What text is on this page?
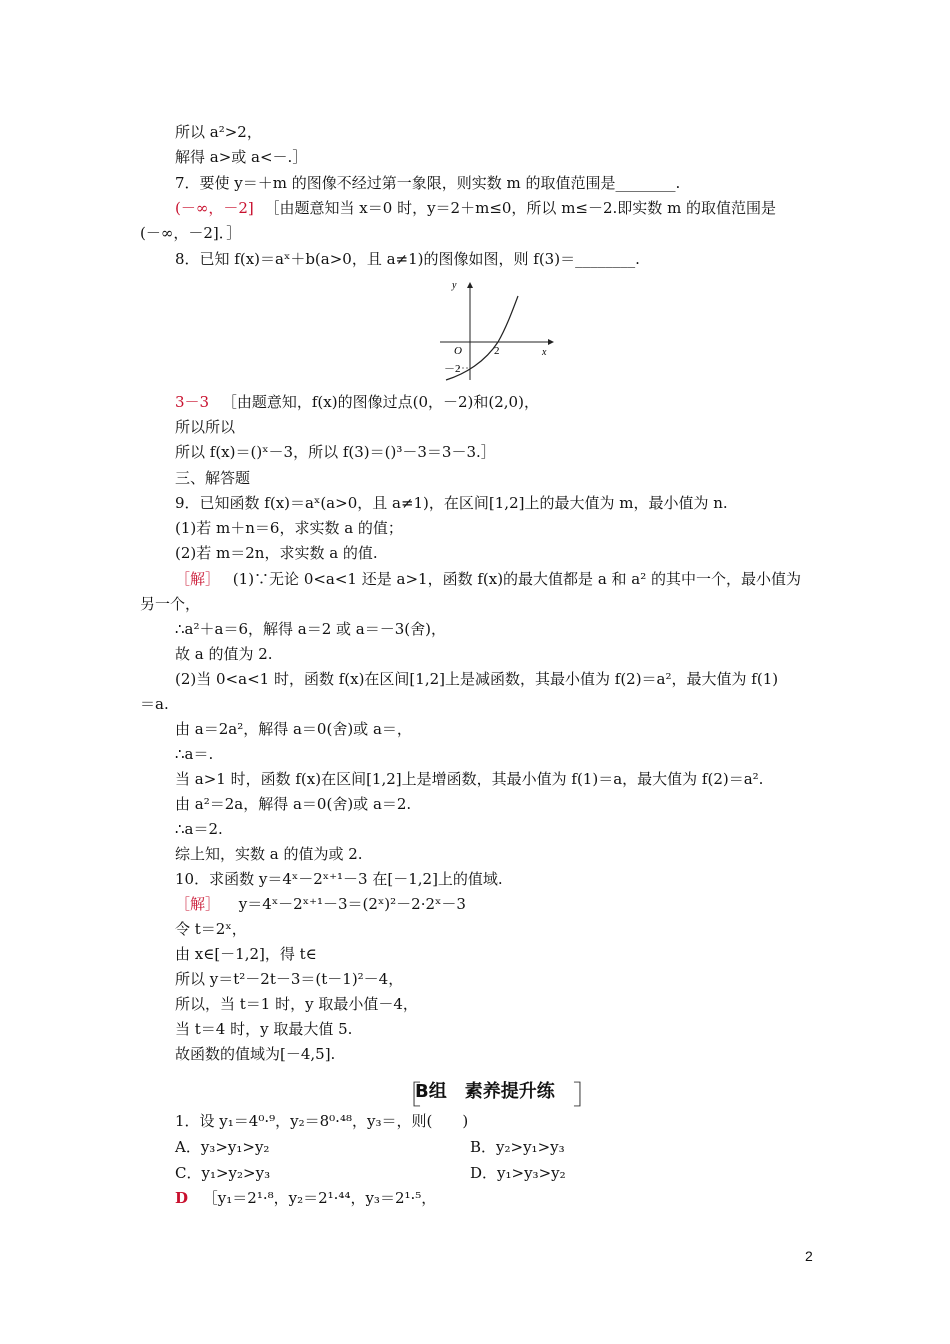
所以 a²>2，
解得 a>或 a<－.］
7．要使 y＝＋m 的图像不经过第一象限，则实数 m 的取值范围是________.
(－∞，－2] ［由题意知当 x＝0 时，y＝2＋m≤0，所以 m≤－2.即实数 m 的取值范围是
(－∞，－2]．］
8．已知 f(x)＝aˣ＋b(a>0，且 a≠1)的图像如图，则 f(3)＝________.
y
x
O	2
－2
3－3 ［由题意知，f(x)的图像过点(0，－2)和(2,0)，
所以所以
所以 f(x)＝()ˣ－3，所以 f(3)＝()³－3＝3－3.］
三、解答题
9．已知函数 f(x)＝aˣ(a>0，且 a≠1)，在区间[1,2]上的最大值为 m，最小值为 n.
(1)若 m＋n＝6，求实数 a 的值；
(2)若 m＝2n，求实数 a 的值.
［解］ (1)∵无论 0<a<1 还是 a>1，函数 f(x)的最大值都是 a 和 a² 的其中一个，最小值为
另一个，
∴a²＋a＝6，解得 a＝2 或 a＝－3(舍)，
故 a 的值为 2.
(2)当 0<a<1 时，函数 f(x)在区间[1,2]上是减函数，其最小值为 f(2)＝a²，最大值为 f(1)
＝a.
由 a＝2a²，解得 a＝0(舍)或 a＝，
∴a＝.
当 a>1 时，函数 f(x)在区间[1,2]上是增函数，其最小值为 f(1)＝a，最大值为 f(2)＝a².
由 a²＝2a，解得 a＝0(舍)或 a＝2.
∴a＝2.
综上知，实数 a 的值为或 2.
10．求函数 y＝4ˣ－2ˣ⁺¹－3 在[－1,2]上的值域.
［解］ y＝4ˣ－2ˣ⁺¹－3＝(2ˣ)²－2·2ˣ－3
令 t＝2ˣ，
由 x∈[－1,2]，得 t∈
所以 y＝t²－2t－3＝(t－1)²－4，
所以，当 t＝1 时，y 取最小值－4，
当 t＝4 时，y 取最大值 5.
故函数的值域为[－4,5].
［
B组　素养提升练 ］
1．设 y₁＝4⁰·⁹，y₂＝8⁰·⁴⁸，y₃＝，则(　　)
A．y₃>y₁>y₂	B．y₂>y₁>y₃
C．y₁>y₂>y₃	D．y₁>y₃>y₂
D ［y₁＝2¹·⁸，y₂＝2¹·⁴⁴，y₃＝2¹·⁵，
2
